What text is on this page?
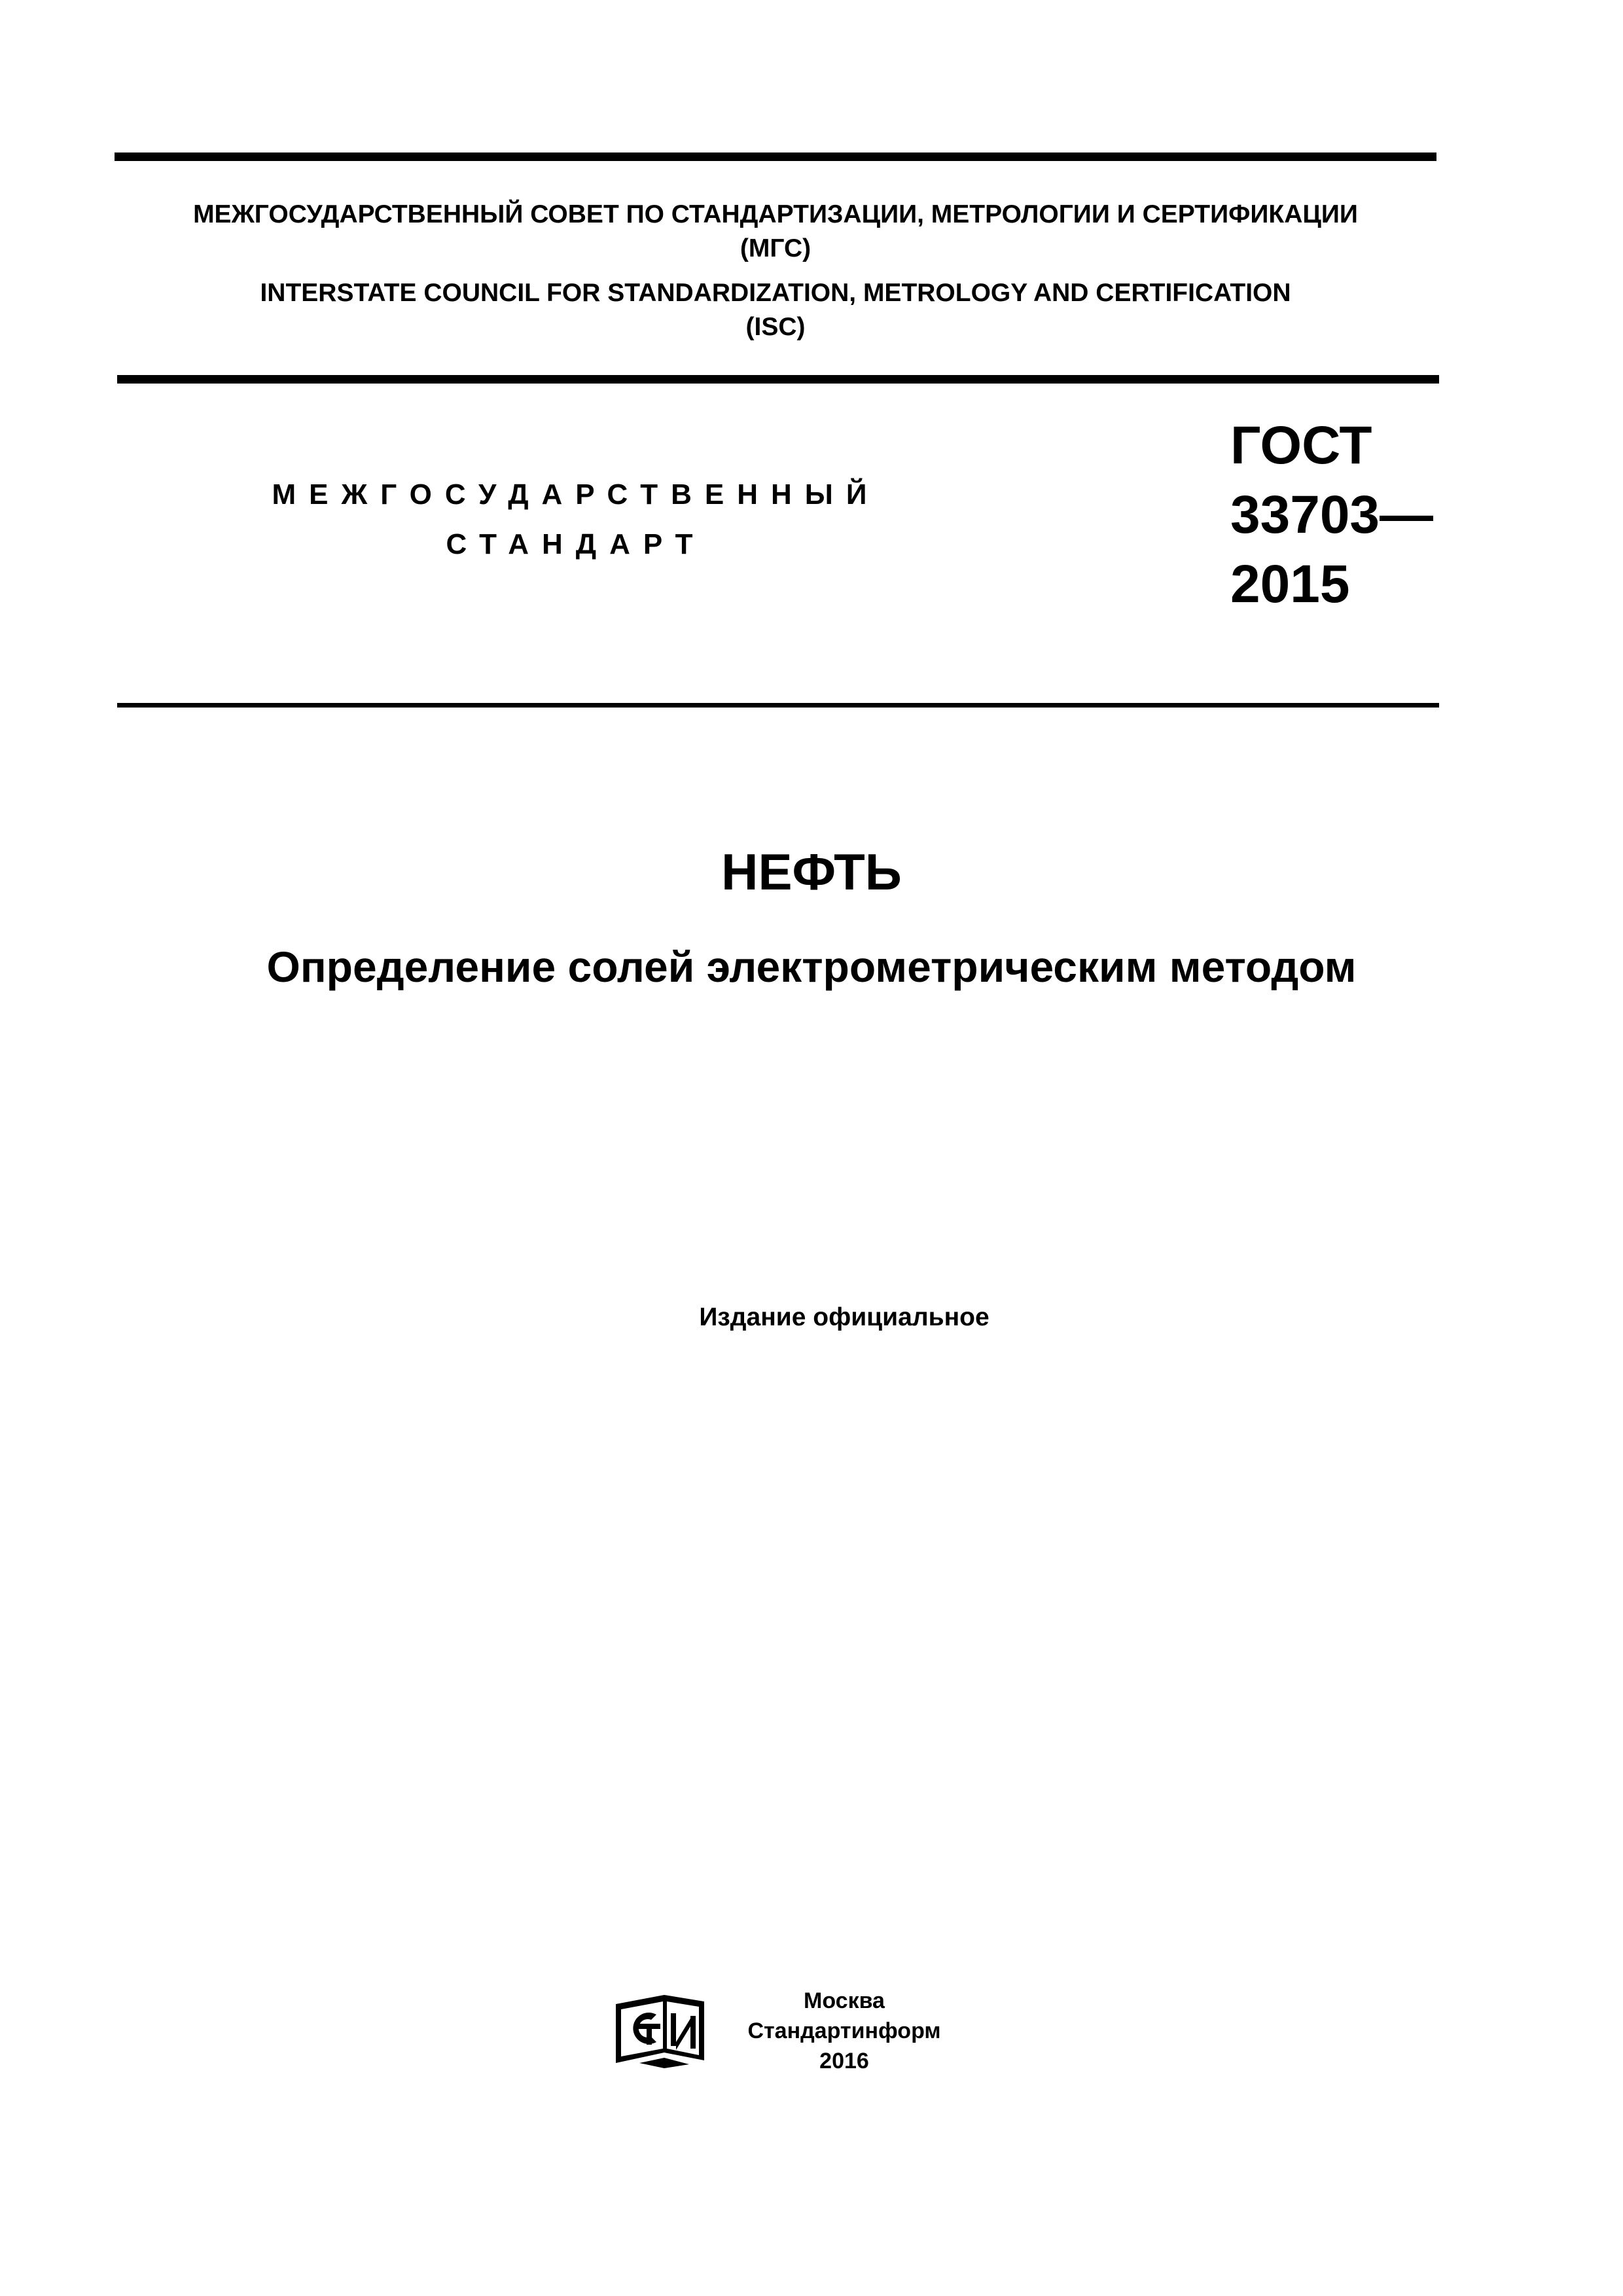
МЕЖГОСУДАРСТВЕННЫЙ СОВЕТ ПО СТАНДАРТИЗАЦИИ, МЕТРОЛОГИИ И СЕРТИФИКАЦИИ
(МГС)
INTERSTATE COUNCIL FOR STANDARDIZATION, METROLOGY AND CERTIFICATION
(ISC)
МЕЖГОСУДАРСТВЕННЫЙ
СТАНДАРТ
ГОСТ
33703—
2015
НЕФТЬ
Определение солей электрометрическим методом
Издание официальное
Москва
Стандартинформ
2016
